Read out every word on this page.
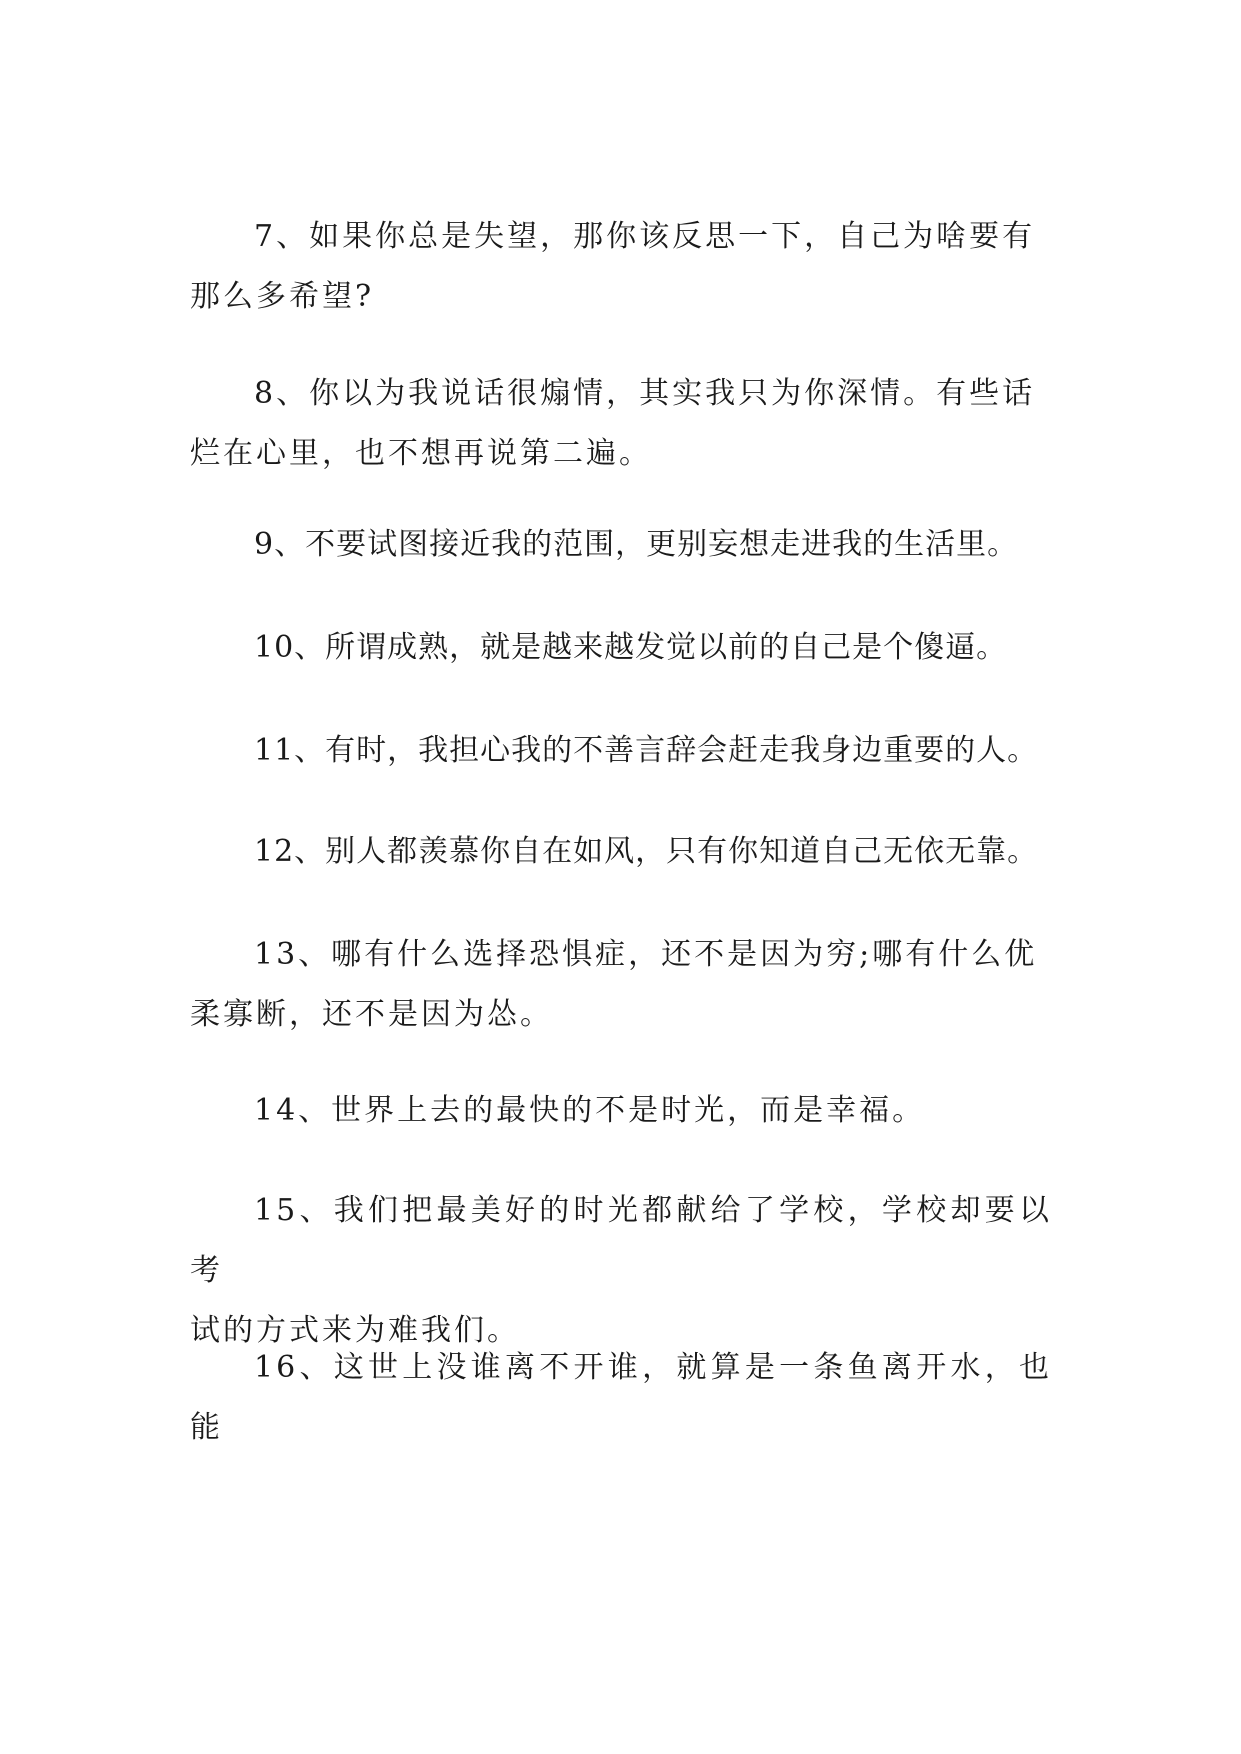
7、如果你总是失望，那你该反思一下，自己为啥要有
那么多希望?

8、你以为我说话很煽情，其实我只为你深情。有些话
烂在心里，也不想再说第二遍。

9、不要试图接近我的范围，更别妄想走进我的生活里。

10、所谓成熟，就是越来越发觉以前的自己是个傻逼。

11、有时，我担心我的不善言辞会赶走我身边重要的人。

12、别人都羡慕你自在如风，只有你知道自己无依无靠。

13、哪有什么选择恐惧症，还不是因为穷;哪有什么优
柔寡断，还不是因为怂。

14、世界上去的最快的不是时光，而是幸福。

15、我们把最美好的时光都献给了学校，学校却要以考
试的方式来为难我们。

16、这世上没谁离不开谁，就算是一条鱼离开水，也能
